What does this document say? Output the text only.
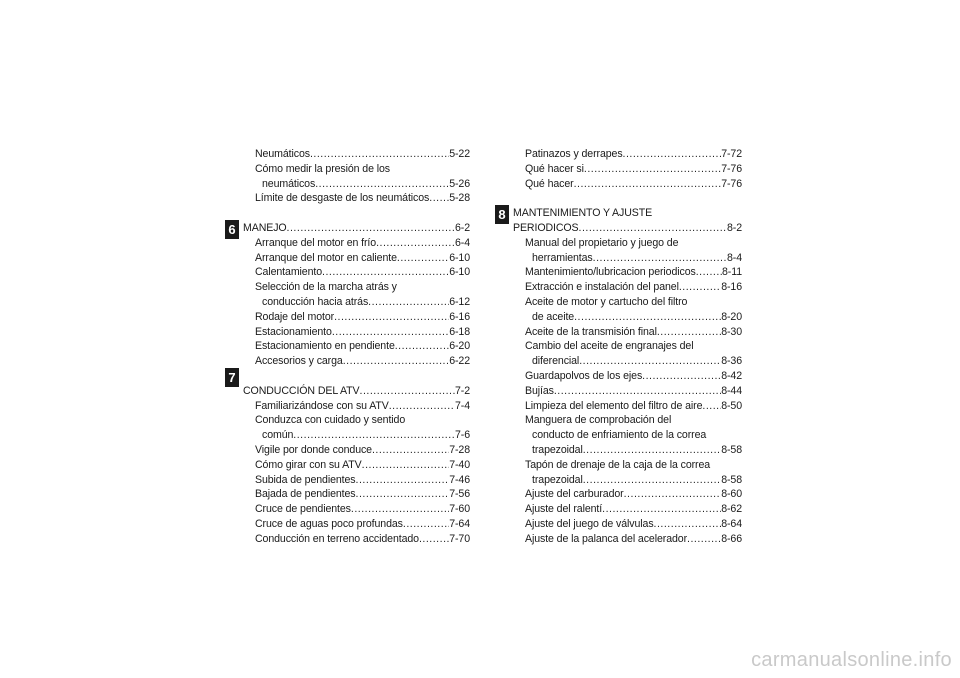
6
7
8
Neumáticos .....	5-22
Cómo medir la presión de los
neumáticos .....	5-26
Límite de desgaste de los neumáticos ..... 5-28
MANEJO .....	6-2
Arranque del motor en frío .....	6-4
Arranque del motor en caliente .....	6-10
Calentamiento .....	6-10
Selección de la marcha atrás y
conducción hacia atrás .....	6-12
Rodaje del motor .....	6-16
Estacionamiento .....	6-18
Estacionamiento en pendiente .....	6-20
Accesorios y carga .....	6-22
CONDUCCIÓN DEL ATV .....	7-2
Familiarizándose con su ATV .....	7-4
Conduzca con cuidado y sentido
común .....	7-6
Vigile por donde conduce .....	7-28
Cómo girar con su ATV .....	7-40
Subida de pendientes .....	7-46
Bajada de pendientes .....	7-56
Cruce de pendientes .....	7-60
Cruce de aguas poco profundas .....	7-64
Conducción en terreno accidentado .....	7-70
Patinazos y derrapes .....	7-72
Qué hacer si .....	7-76
Qué hacer .....	7-76
MANTENIMIENTO Y AJUSTE
PERIODICOS .....	8-2
Manual del propietario y juego de
herramientas .....	8-4
Mantenimiento/lubricacion periodicos ..... 8-11
Extracción e instalación del panel .....	8-16
Aceite de motor y cartucho del filtro
de aceite .....	8-20
Aceite de la transmisión final .....	8-30
Cambio del aceite de engranajes del
diferencial .....	8-36
Guardapolvos de los ejes .....	8-42
Bujías .....	8-44
Limpieza del elemento del filtro de aire ..... 8-50
Manguera de comprobación del
conducto de enfriamiento de la correa
trapezoidal .....	8-58
Tapón de drenaje de la caja de la correa
trapezoidal .....	8-58
Ajuste del carburador .....	8-60
Ajuste del ralentí .....	8-62
Ajuste del juego de válvulas .....	8-64
Ajuste de la palanca del acelerador .....	8-66
carmanualsonline.info
